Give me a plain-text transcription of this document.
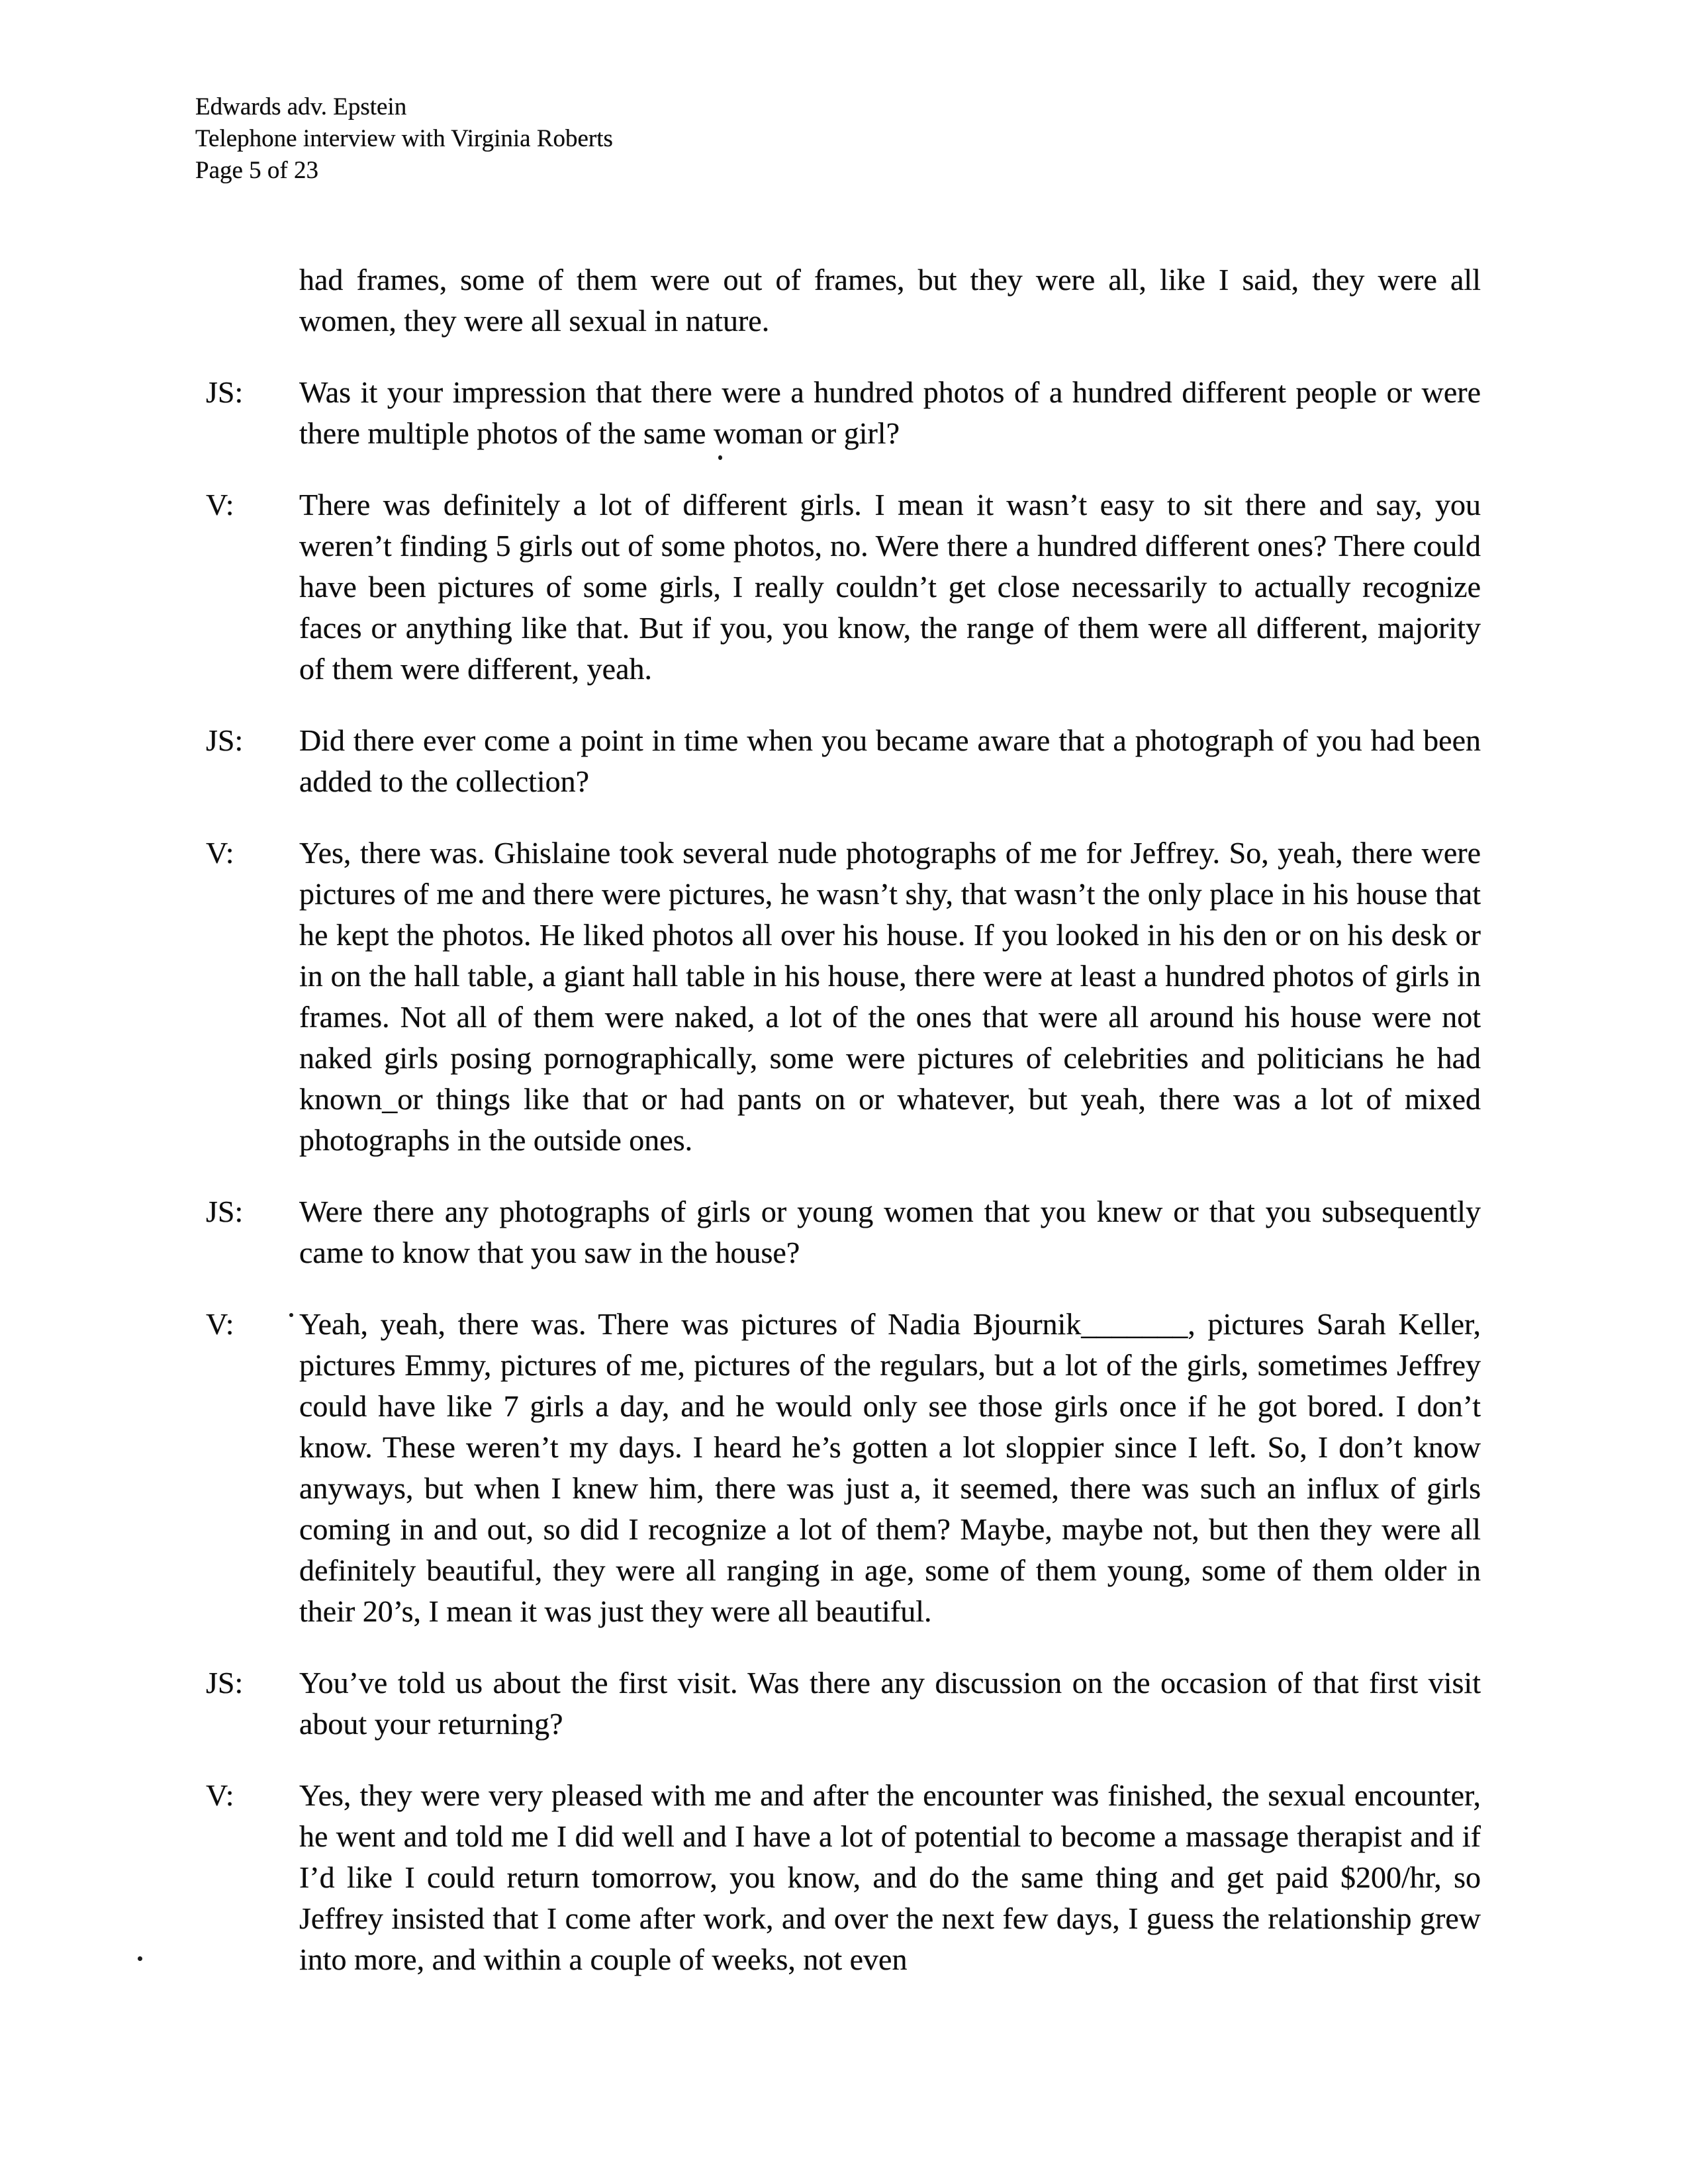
Edwards adv. Epstein
Telephone interview with Virginia Roberts
Page 5 of 23
had frames, some of them were out of frames, but they were all, like I said, they were all women, they were all sexual in nature.
JS:	Was it your impression that there were a hundred photos of a hundred different people or were there multiple photos of the same woman or girl?
V:	There was definitely a lot of different girls. I mean it wasn’t easy to sit there and say, you weren’t finding 5 girls out of some photos, no. Were there a hundred different ones? There could have been pictures of some girls, I really couldn’t get close necessarily to actually recognize faces or anything like that. But if you, you know, the range of them were all different, majority of them were different, yeah.
JS:	Did there ever come a point in time when you became aware that a photograph of you had been added to the collection?
V:	Yes, there was. Ghislaine took several nude photographs of me for Jeffrey. So, yeah, there were pictures of me and there were pictures, he wasn’t shy, that wasn’t the only place in his house that he kept the photos. He liked photos all over his house. If you looked in his den or on his desk or in on the hall table, a giant hall table in his house, there were at least a hundred photos of girls in frames. Not all of them were naked, a lot of the ones that were all around his house were not naked girls posing pornographically, some were pictures of celebrities and politicians he had known_or things like that or had pants on or whatever, but yeah, there was a lot of mixed photographs in the outside ones.
JS:	Were there any photographs of girls or young women that you knew or that you subsequently came to know that you saw in the house?
V:	Yeah, yeah, there was. There was pictures of Nadia Bjournik_______, pictures Sarah Keller, pictures Emmy, pictures of me, pictures of the regulars, but a lot of the girls, sometimes Jeffrey could have like 7 girls a day, and he would only see those girls once if he got bored. I don’t know. These weren’t my days. I heard he’s gotten a lot sloppier since I left. So, I don’t know anyways, but when I knew him, there was just a, it seemed, there was such an influx of girls coming in and out, so did I recognize a lot of them? Maybe, maybe not, but then they were all definitely beautiful, they were all ranging in age, some of them young, some of them older in their 20’s, I mean it was just they were all beautiful.
JS:	You’ve told us about the first visit. Was there any discussion on the occasion of that first visit about your returning?
V:	Yes, they were very pleased with me and after the encounter was finished, the sexual encounter, he went and told me I did well and I have a lot of potential to become a massage therapist and if I’d like I could return tomorrow, you know, and do the same thing and get paid $200/hr, so Jeffrey insisted that I come after work, and over the next few days, I guess the relationship grew into more, and within a couple of weeks, not even
